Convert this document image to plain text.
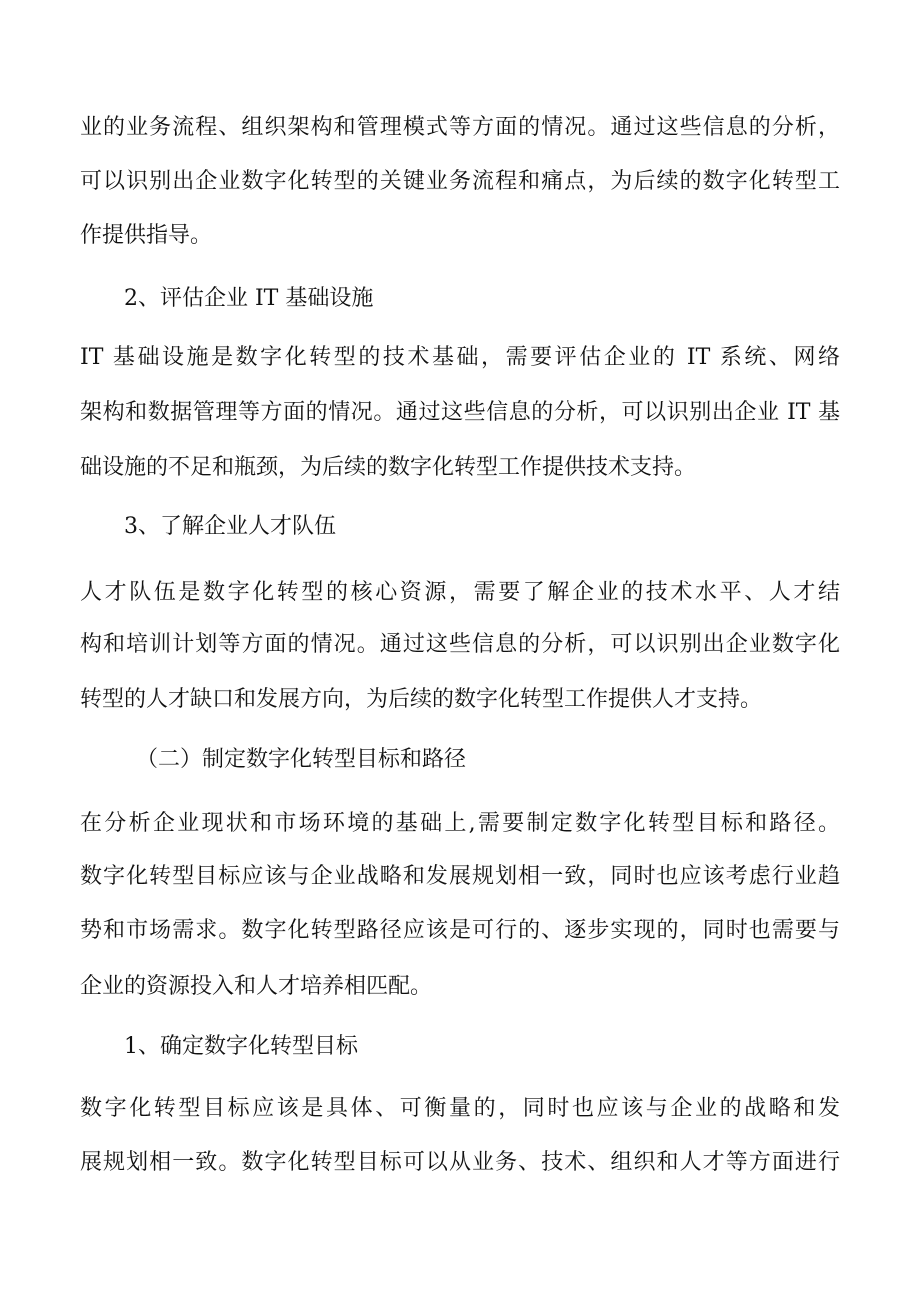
业的业务流程、组织架构和管理模式等方面的情况。通过这些信息的分析，
可以识别出企业数字化转型的关键业务流程和痛点，为后续的数字化转型工
作提供指导。
2、评估企业 IT 基础设施
IT 基础设施是数字化转型的技术基础，需要评估企业的 IT 系统、网络
架构和数据管理等方面的情况。通过这些信息的分析，可以识别出企业 IT 基
础设施的不足和瓶颈，为后续的数字化转型工作提供技术支持。
3、了解企业人才队伍
人才队伍是数字化转型的核心资源，需要了解企业的技术水平、人才结
构和培训计划等方面的情况。通过这些信息的分析，可以识别出企业数字化
转型的人才缺口和发展方向，为后续的数字化转型工作提供人才支持。
（二）制定数字化转型目标和路径
在分析企业现状和市场环境的基础上,需要制定数字化转型目标和路径。
数字化转型目标应该与企业战略和发展规划相一致，同时也应该考虑行业趋
势和市场需求。数字化转型路径应该是可行的、逐步实现的，同时也需要与
企业的资源投入和人才培养相匹配。
1、确定数字化转型目标
数字化转型目标应该是具体、可衡量的，同时也应该与企业的战略和发
展规划相一致。数字化转型目标可以从业务、技术、组织和人才等方面进行
